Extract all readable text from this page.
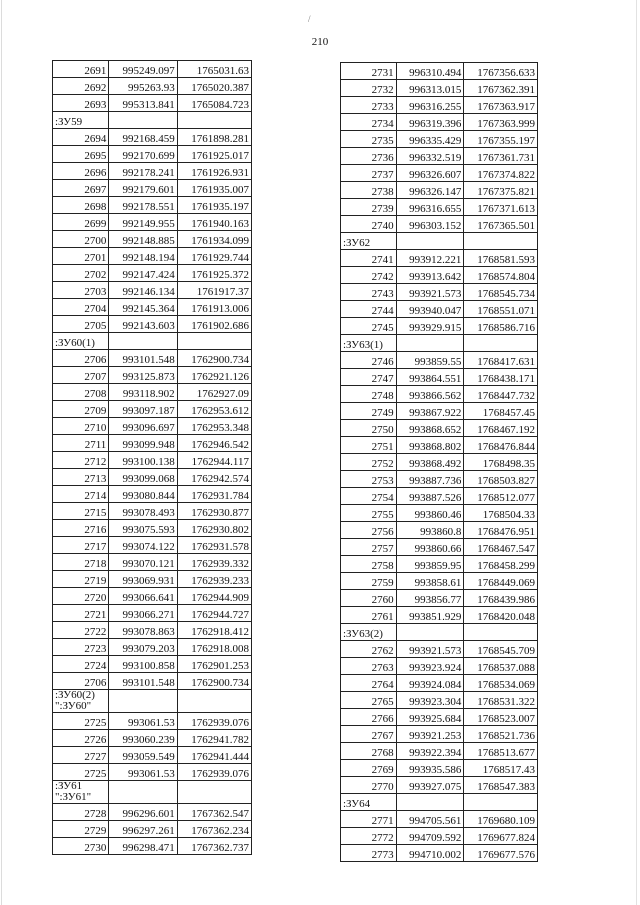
/
210
2691	995249.097	1765031.63
2692	995263.93	1765020.387
2693	995313.841	1765084.723

:ЗУ59		

2694	992168.459	1761898.281
2695	992170.699	1761925.017
2696	992178.241	1761926.931
2697	992179.601	1761935.007
2698	992178.551	1761935.197
2699	992149.955	1761940.163
2700	992148.885	1761934.099
2701	992148.194	1761929.744
2702	992147.424	1761925.372
2703	992146.134	1761917.37
2704	992145.364	1761913.006
2705	992143.603	1761902.686

:ЗУ60(1)		

2706	993101.548	1762900.734
2707	993125.873	1762921.126
2708	993118.902	1762927.09
2709	993097.187	1762953.612
2710	993096.697	1762953.348
2711	993099.948	1762946.542
2712	993100.138	1762944.117
2713	993099.068	1762942.574
2714	993080.844	1762931.784
2715	993078.493	1762930.877
2716	993075.593	1762930.802
2717	993074.122	1762931.578
2718	993070.121	1762939.332
2719	993069.931	1762939.233
2720	993066.641	1762944.909
2721	993066.271	1762944.727
2722	993078.863	1762918.412
2723	993079.203	1762918.008
2724	993100.858	1762901.253
2706	993101.548	1762900.734

:ЗУ60(2)
":ЗУ60"		

2725	993061.53	1762939.076
2726	993060.239	1762941.782
2727	993059.549	1762941.444
2725	993061.53	1762939.076

:ЗУ61
":ЗУ61"		

2728	996296.601	1767362.547
2729	996297.261	1767362.234
2730	996298.471	1767362.737
2731	996310.494	1767356.633
2732	996313.015	1767362.391
2733	996316.255	1767363.917
2734	996319.396	1767363.999
2735	996335.429	1767355.197
2736	996332.519	1767361.731
2737	996326.607	1767374.822
2738	996326.147	1767375.821
2739	996316.655	1767371.613
2740	996303.152	1767365.501

:ЗУ62		

2741	993912.221	1768581.593
2742	993913.642	1768574.804
2743	993921.573	1768545.734
2744	993940.047	1768551.071
2745	993929.915	1768586.716

:ЗУ63(1)		

2746	993859.55	1768417.631
2747	993864.551	1768438.171
2748	993866.562	1768447.732
2749	993867.922	1768457.45
2750	993868.652	1768467.192
2751	993868.802	1768476.844
2752	993868.492	1768498.35
2753	993887.736	1768503.827
2754	993887.526	1768512.077
2755	993860.46	1768504.33
2756	993860.8	1768476.951
2757	993860.66	1768467.547
2758	993859.95	1768458.299
2759	993858.61	1768449.069
2760	993856.77	1768439.986
2761	993851.929	1768420.048

:ЗУ63(2)		

2762	993921.573	1768545.709
2763	993923.924	1768537.088
2764	993924.084	1768534.069
2765	993923.304	1768531.322
2766	993925.684	1768523.007
2767	993921.253	1768521.736
2768	993922.394	1768513.677
2769	993935.586	1768517.43
2770	993927.075	1768547.383

:ЗУ64		

2771	994705.561	1769680.109
2772	994709.592	1769677.824
2773	994710.002	1769677.576
